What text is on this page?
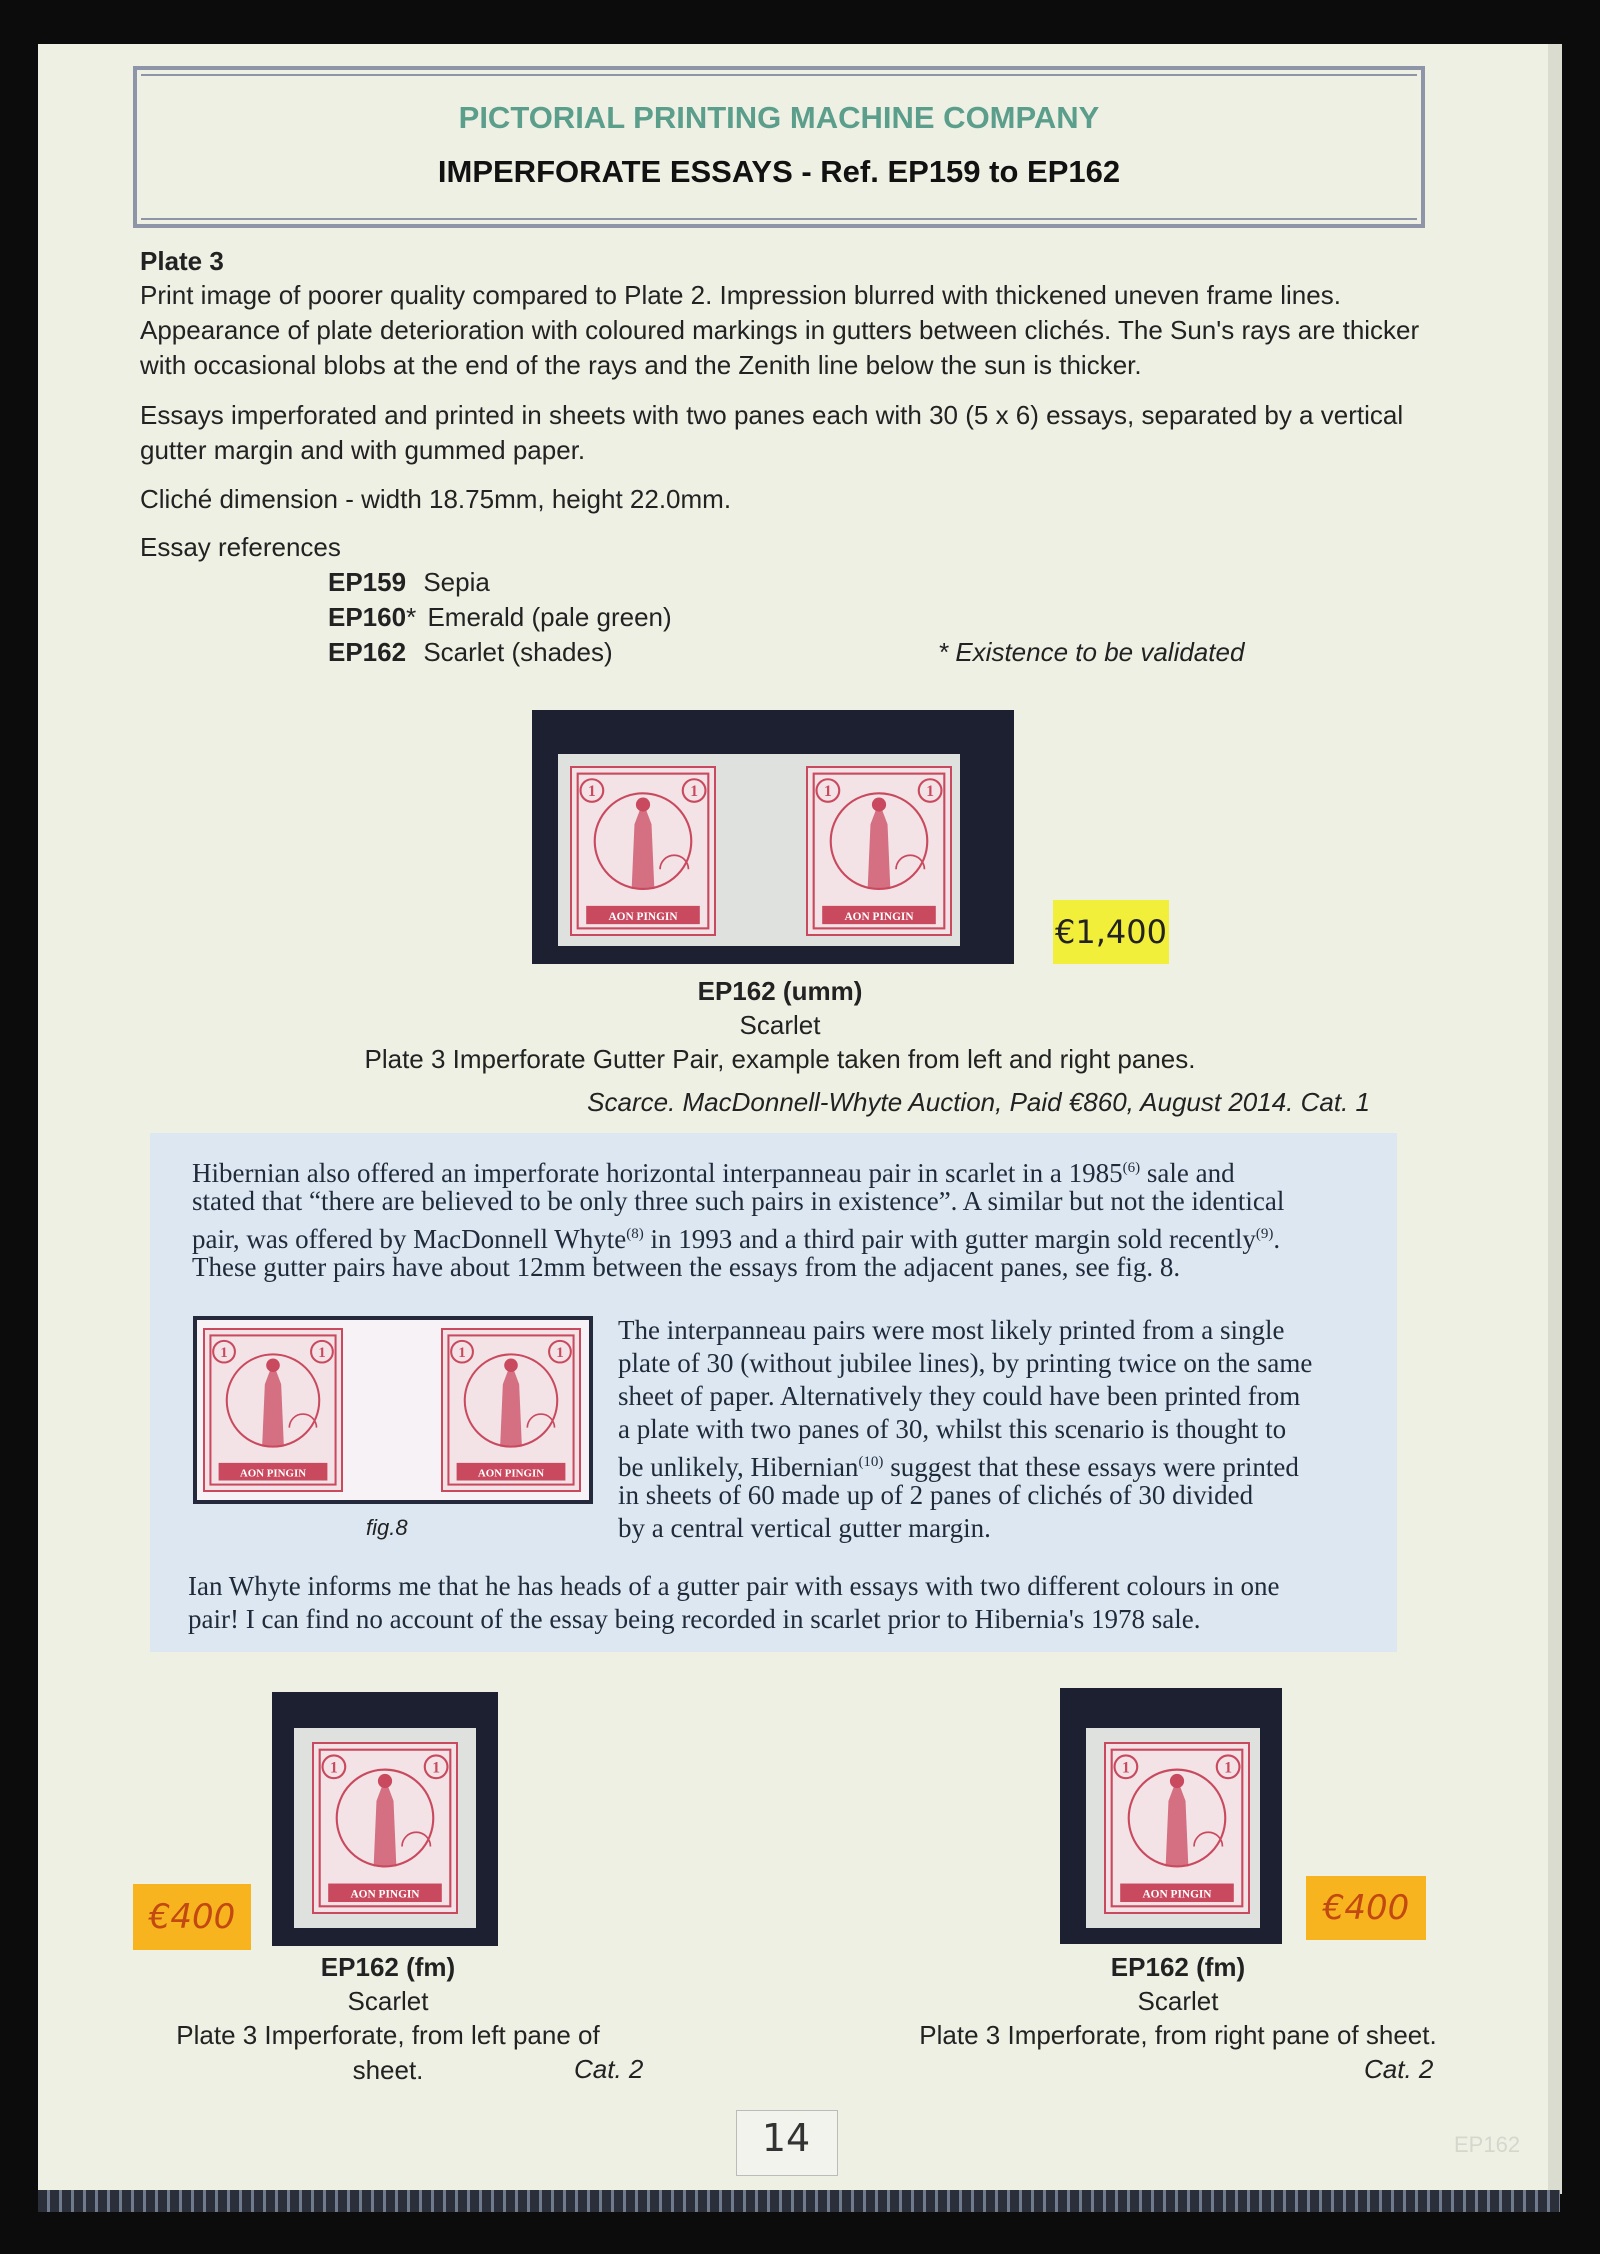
PICTORIAL PRINTING MACHINE COMPANY
IMPERFORATE ESSAYS - Ref. EP159 to EP162
Plate 3
Print image of poorer quality compared to Plate 2. Impression blurred with thickened uneven frame lines.
Appearance of plate deterioration with coloured markings in gutters between clichés. The Sun's rays are thicker
with occasional blobs at the end of the rays and the Zenith line below the sun is thicker.
Essays imperforated and printed in sheets with two panes each with 30 (5 x 6) essays, separated by a vertical
gutter margin and with gummed paper.
Cliché dimension - width 18.75mm, height 22.0mm.
Essay references
EP159 Sepia
EP160* Emerald (pale green)
EP162 Scarlet (shades)	* Existence to be validated
1	1
AON PINGIN
1	1
AON PINGIN	€1,400
EP162 (umm)
Scarlet
Plate 3 Imperforate Gutter Pair, example taken from left and right panes.
Scarce. MacDonnell-Whyte Auction, Paid €860, August 2014. Cat. 1
Hibernian also offered an imperforate horizontal interpanneau pair in scarlet in a 1985$^{(6)}$ sale and
stated that “there are believed to be only three such pairs in existence”. A similar but not the identical
pair, was offered by MacDonnell Whyte$^{(8)}$ in 1993 and a third pair with gutter margin sold recently$^{(9)}$.
These gutter pairs have about 12mm between the essays from the adjacent panes, see fig. 8.
1	1
AON PINGIN
1	1
AON PINGIN
fig.8
The interpanneau pairs were most likely printed from a single
plate of 30 (without jubilee lines), by printing twice on the same
sheet of paper. Alternatively they could have been printed from
a plate with two panes of 30, whilst this scenario is thought to
be unlikely, Hibernian$^{(10)}$ suggest that these essays were printed
in sheets of 60 made up of 2 panes of clichés of 30 divided
by a central vertical gutter margin.
Ian Whyte informs me that he has heads of a gutter pair with essays with two different colours in one
pair! I can find no account of the essay being recorded in scarlet prior to Hibernia's 1978 sale.
1	1
AON PINGIN
€400
EP162 (fm)
Scarlet
Plate 3 Imperforate, from left pane of sheet.	Cat. 2
1	1
AON PINGIN	€400
EP162 (fm)
Scarlet
Plate 3 Imperforate, from right pane of sheet.
Cat. 2
14	EP162
